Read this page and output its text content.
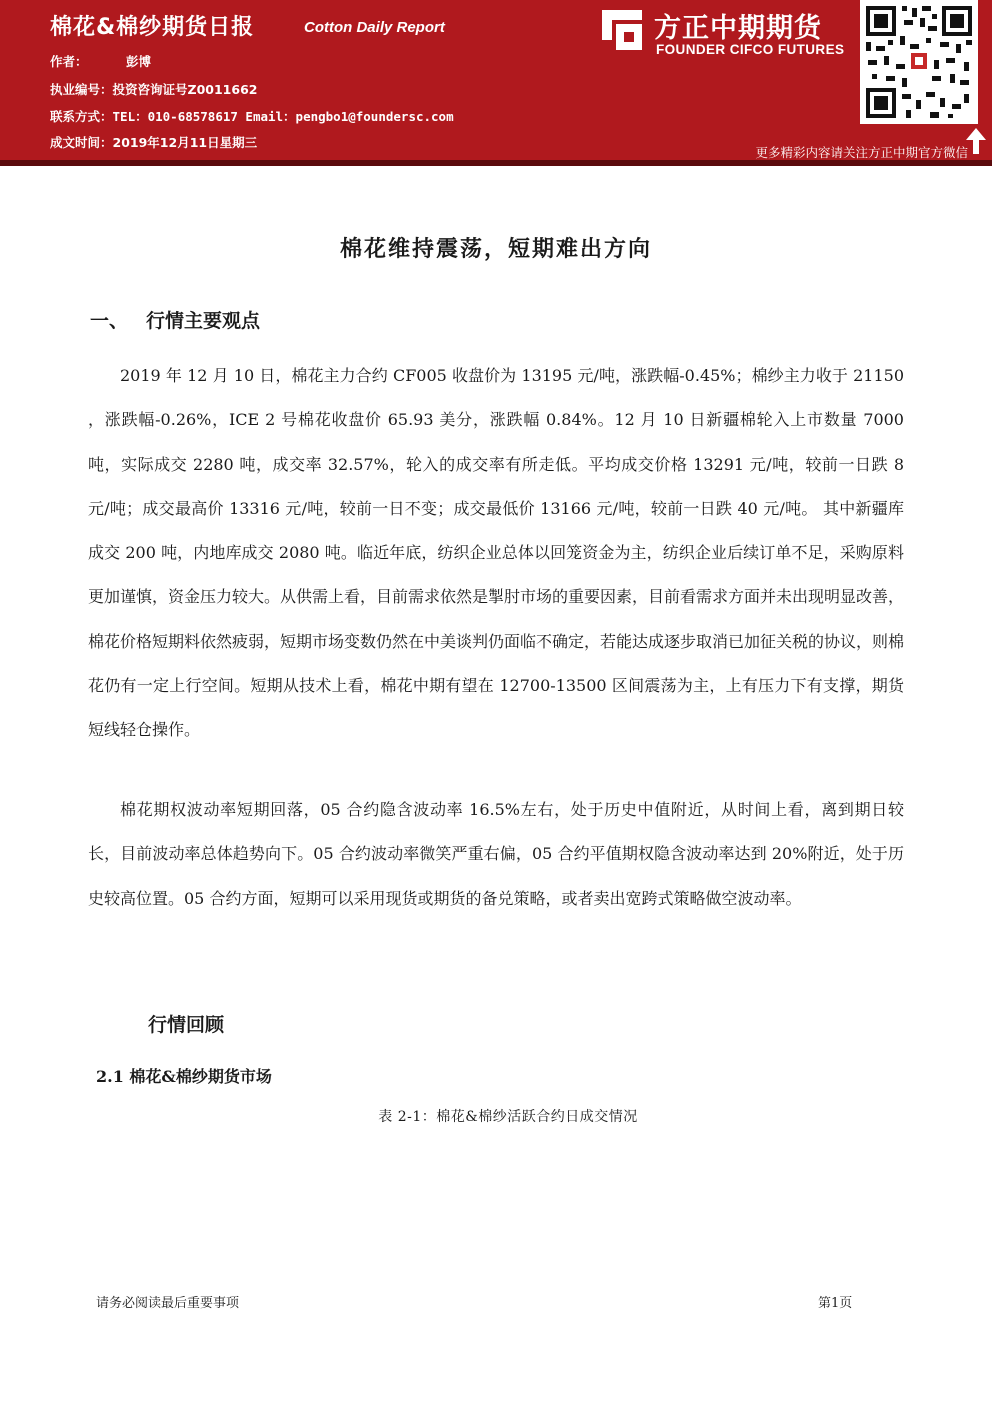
棉花&棉纱期货日报	Cotton Daily Report
作者：	彭博
执业编号：投资咨询证号Z0011662
联系方式：TEL：010-68578617 Email：pengbo1@foundersc.com
成文时间：2019年12月11日星期三
方正中期期货
FOUNDER CIFCO FUTURES
更多精彩内容请关注方正中期官方微信
棉花维持震荡，短期难出方向
一、 行情主要观点

2019 年 12 月 10 日，棉花主力合约 CF005 收盘价为 13195 元/吨，涨跌幅-0.45%；棉纱主力收于 21150 ，涨跌幅-0.26%，ICE 2 号棉花收盘价 65.93 美分，涨跌幅 0.84%。12 月 10 日新疆棉轮入上市数量 7000 吨，实际成交 2280 吨，成交率 32.57%，轮入的成交率有所走低。平均成交价格 13291 元/吨，较前一日跌 8 元/吨；成交最高价 13316 元/吨，较前一日不变；成交最低价 13166 元/吨，较前一日跌 40 元/吨。 其中新疆库成交 200 吨，内地库成交 2080 吨。临近年底，纺织企业总体以回笼资金为主，纺织企业后续订单不足，采购原料更加谨慎，资金压力较大。从供需上看，目前需求依然是掣肘市场的重要因素，目前看需求方面并未出现明显改善，棉花价格短期料依然疲弱，短期市场变数仍然在中美谈判仍面临不确定，若能达成逐步取消已加征关税的协议，则棉花仍有一定上行空间。短期从技术上看，棉花中期有望在 12700-13500 区间震荡为主，上有压力下有支撑，期货短线轻仓操作。

棉花期权波动率短期回落，05 合约隐含波动率 16.5%左右，处于历史中值附近，从时间上看，离到期日较长，目前波动率总体趋势向下。05 合约波动率微笑严重右偏，05 合约平值期权隐含波动率达到 20%附近，处于历史较高位置。05 合约方面，短期可以采用现货或期货的备兑策略，或者卖出宽跨式策略做空波动率。

行情回顾
2.1 棉花&棉纱期货市场
表 2-1：棉花&棉纱活跃合约日成交情况
请务必阅读最后重要事项	第1页
